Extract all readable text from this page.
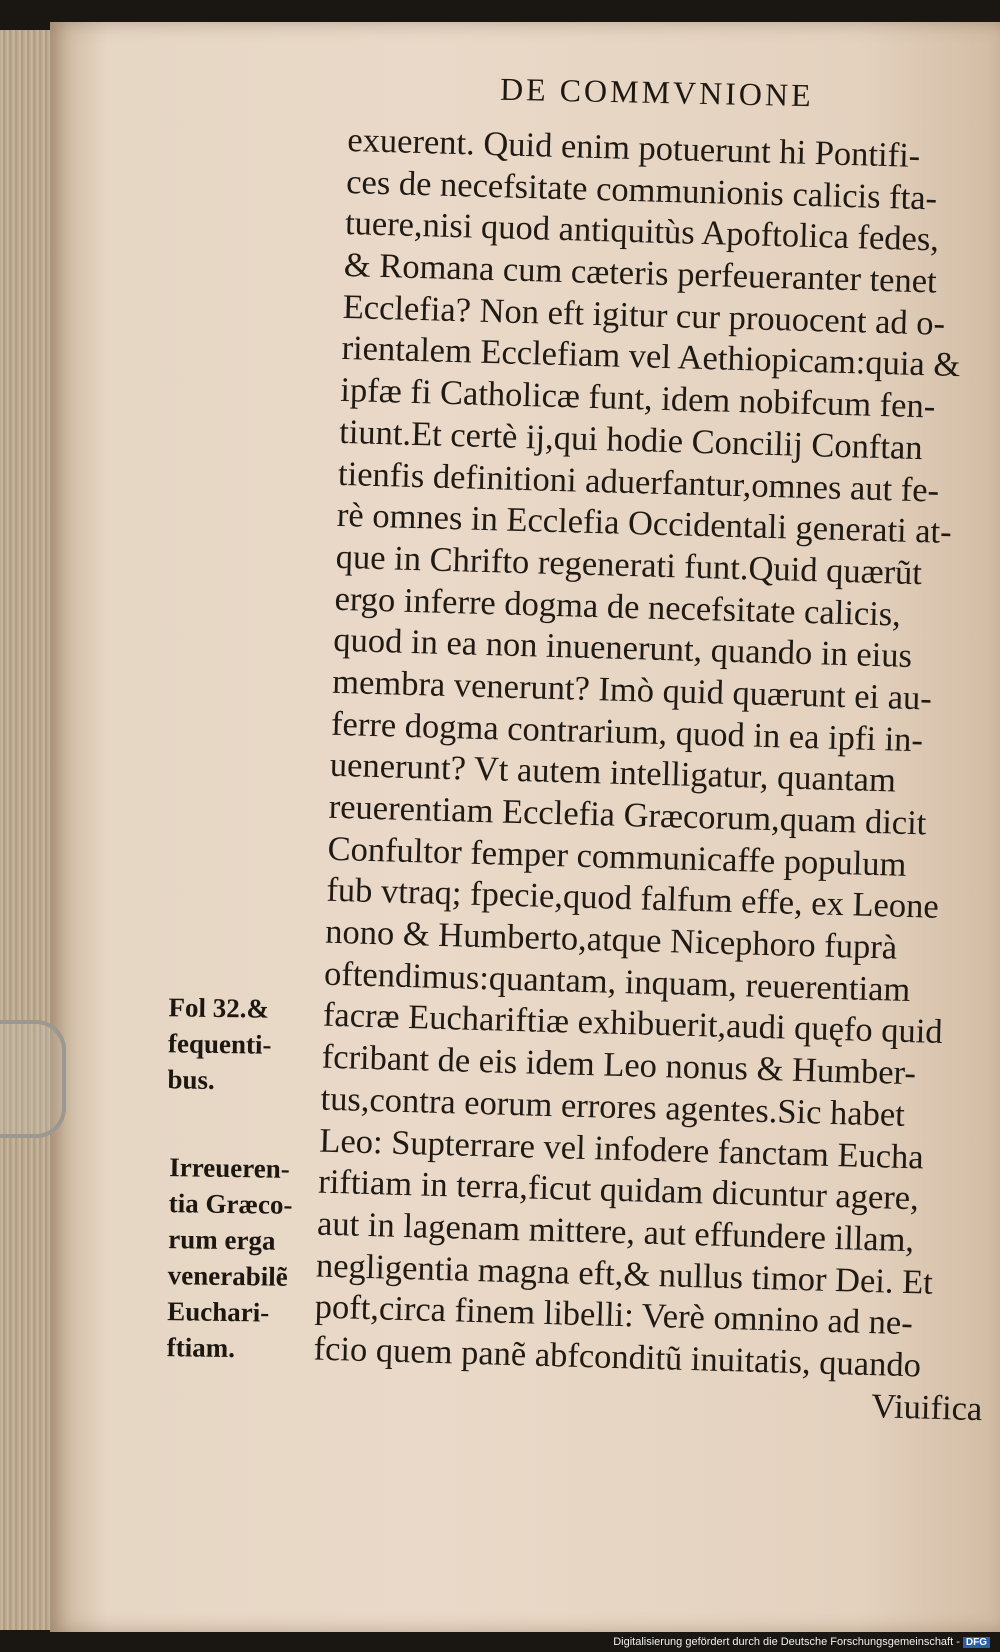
DE COMMVNIONE
exuerent. Quid enim potuerunt hi Pontifi-
ces de necefsitate communionis calicis fta-
tuere,nisi quod antiquitùs Apoftolica fedes,
& Romana cum cæteris perfeueranter tenet
Ecclefia? Non eft igitur cur prouocent ad o-
rientalem Ecclefiam vel Aethiopicam:quia &
ipfæ fi Catholicæ funt, idem nobifcum fen-
tiunt.Et certè ij,qui hodie Concilij Conftan
tienfis definitioni aduerfantur,omnes aut fe-
rè omnes in Ecclefia Occidentali generati at-
que in Chrifto regenerati funt.Quid quærũt
ergo inferre dogma de necefsitate calicis,
quod in ea non inuenerunt, quando in eius
membra venerunt? Imò quid quærunt ei au-
ferre dogma contrarium, quod in ea ipfi in-
uenerunt? Vt autem intelligatur, quantam
reuerentiam Ecclefia Græcorum,quam dicit
Confultor femper communicaffe populum
fub vtraq; fpecie,quod falfum effe, ex Leone
nono & Humberto,atque Nicephoro fuprà
oftendimus:quantam, inquam, reuerentiam
facræ Euchariftiæ exhibuerit,audi quęfo quid
fcribant de eis idem Leo nonus & Humber-
tus,contra eorum errores agentes.Sic habet
Leo: Supterrare vel infodere fanctam Eucha
riftiam in terra,ficut quidam dicuntur agere,
aut in lagenam mittere, aut effundere illam,
negligentia magna eft,& nullus timor Dei. Et
poft,circa finem libelli: Verè omnino ad ne-
fcio quem panẽ abfconditũ inuitatis, quando
Viuifica
Fol 32.&
fequenti-
bus.
Irreueren-
tia Græco-
rum erga
venerabilẽ
Euchari-
ftiam.
Digitalisierung gefördert durch die Deutsche Forschungsgemeinschaft - DFG
